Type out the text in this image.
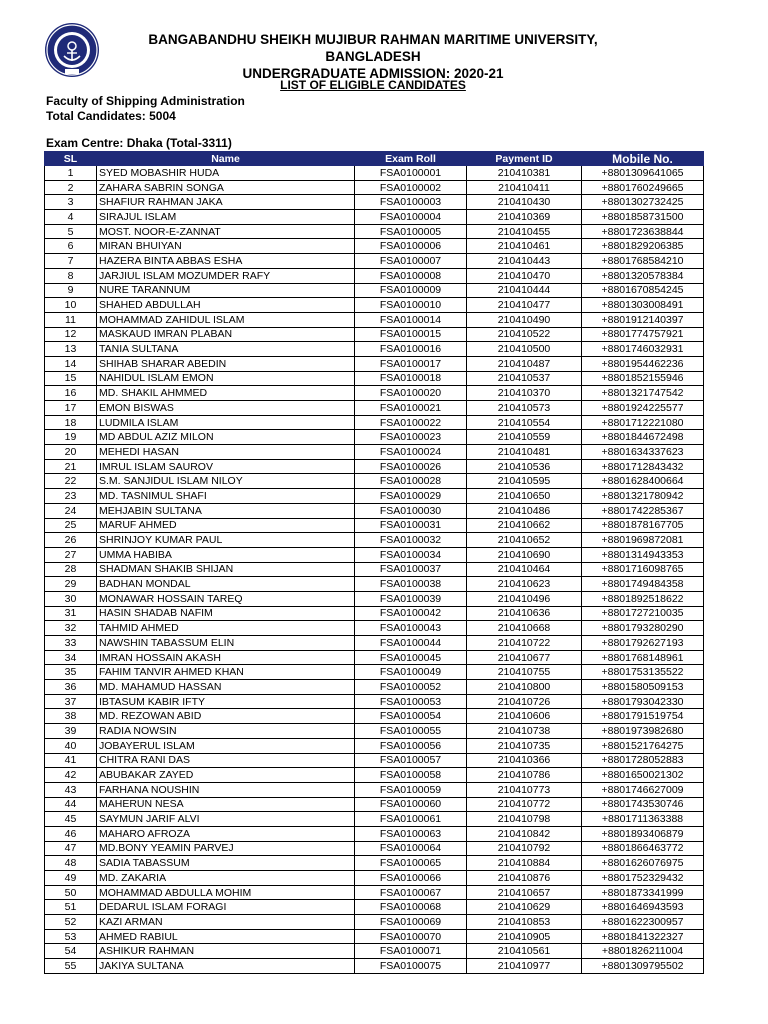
BANGABANDHU SHEIKH MUJIBUR RAHMAN MARITIME UNIVERSITY, BANGLADESH
UNDERGRADUATE ADMISSION: 2020-21
LIST OF ELIGIBLE CANDIDATES
Faculty of Shipping Administration
Total Candidates: 5004
Exam Centre: Dhaka (Total-3311)
SL	Name	Exam Roll	Payment ID	Mobile No.
1	SYED MOBASHIR HUDA	FSA0100001	210410381	+8801309641065
2	ZAHARA SABRIN SONGA	FSA0100002	210410411	+8801760249665
3	SHAFIUR RAHMAN JAKA	FSA0100003	210410430	+8801302732425
4	SIRAJUL ISLAM	FSA0100004	210410369	+8801858731500
5	MOST. NOOR-E-ZANNAT	FSA0100005	210410455	+8801723638844
6	MIRAN BHUIYAN	FSA0100006	210410461	+8801829206385
7	HAZERA BINTA ABBAS ESHA	FSA0100007	210410443	+8801768584210
8	JARJIUL ISLAM MOZUMDER RAFY	FSA0100008	210410470	+8801320578384
9	NURE TARANNUM	FSA0100009	210410444	+8801670854245
10	SHAHED ABDULLAH	FSA0100010	210410477	+8801303008491
11	MOHAMMAD ZAHIDUL ISLAM	FSA0100014	210410490	+8801912140397
12	MASKAUD IMRAN PLABAN	FSA0100015	210410522	+8801774757921
13	TANIA SULTANA	FSA0100016	210410500	+8801746032931
14	SHIHAB SHARAR ABEDIN	FSA0100017	210410487	+8801954462236
15	NAHIDUL ISLAM EMON	FSA0100018	210410537	+8801852155946
16	MD. SHAKIL AHMMED	FSA0100020	210410370	+8801321747542
17	EMON BISWAS	FSA0100021	210410573	+8801924225577
18	LUDMILA ISLAM	FSA0100022	210410554	+8801712221080
19	MD ABDUL AZIZ MILON	FSA0100023	210410559	+8801844672498
20	MEHEDI HASAN	FSA0100024	210410481	+8801634337623
21	IMRUL ISLAM SAUROV	FSA0100026	210410536	+8801712843432
22	S.M. SANJIDUL ISLAM NILOY	FSA0100028	210410595	+8801628400664
23	MD. TASNIMUL SHAFI	FSA0100029	210410650	+8801321780942
24	MEHJABIN SULTANA	FSA0100030	210410486	+8801742285367
25	MARUF AHMED	FSA0100031	210410662	+8801878167705
26	SHRINJOY KUMAR PAUL	FSA0100032	210410652	+8801969872081
27	UMMA HABIBA	FSA0100034	210410690	+8801314943353
28	SHADMAN SHAKIB SHIJAN	FSA0100037	210410464	+8801716098765
29	BADHAN MONDAL	FSA0100038	210410623	+8801749484358
30	MONAWAR HOSSAIN TAREQ	FSA0100039	210410496	+8801892518622
31	HASIN SHADAB NAFIM	FSA0100042	210410636	+8801727210035
32	TAHMID AHMED	FSA0100043	210410668	+8801793280290
33	NAWSHIN TABASSUM ELIN	FSA0100044	210410722	+8801792627193
34	IMRAN HOSSAIN AKASH	FSA0100045	210410677	+8801768148961
35	FAHIM TANVIR AHMED KHAN	FSA0100049	210410755	+8801753135522
36	MD. MAHAMUD HASSAN	FSA0100052	210410800	+8801580509153
37	IBTASUM KABIR IFTY	FSA0100053	210410726	+8801793042330
38	MD. REZOWAN ABID	FSA0100054	210410606	+8801791519754
39	RADIA NOWSIN	FSA0100055	210410738	+8801973982680
40	JOBAYERUL ISLAM	FSA0100056	210410735	+8801521764275
41	CHITRA RANI DAS	FSA0100057	210410366	+8801728052883
42	ABUBAKAR ZAYED	FSA0100058	210410786	+8801650021302
43	FARHANA NOUSHIN	FSA0100059	210410773	+8801746627009
44	MAHERUN NESA	FSA0100060	210410772	+8801743530746
45	SAYMUN JARIF ALVI	FSA0100061	210410798	+8801711363388
46	MAHARO AFROZA	FSA0100063	210410842	+8801893406879
47	MD.BONY YEAMIN PARVEJ	FSA0100064	210410792	+8801866463772
48	SADIA TABASSUM	FSA0100065	210410884	+8801626076975
49	MD. ZAKARIA	FSA0100066	210410876	+8801752329432
50	MOHAMMAD ABDULLA MOHIM	FSA0100067	210410657	+8801873341999
51	DEDARUL ISLAM FORAGI	FSA0100068	210410629	+8801646943593
52	KAZI ARMAN	FSA0100069	210410853	+8801622300957
53	AHMED RABIUL	FSA0100070	210410905	+8801841322327
54	ASHIKUR RAHMAN	FSA0100071	210410561	+8801826211004
55	JAKIYA SULTANA	FSA0100075	210410977	+8801309795502
